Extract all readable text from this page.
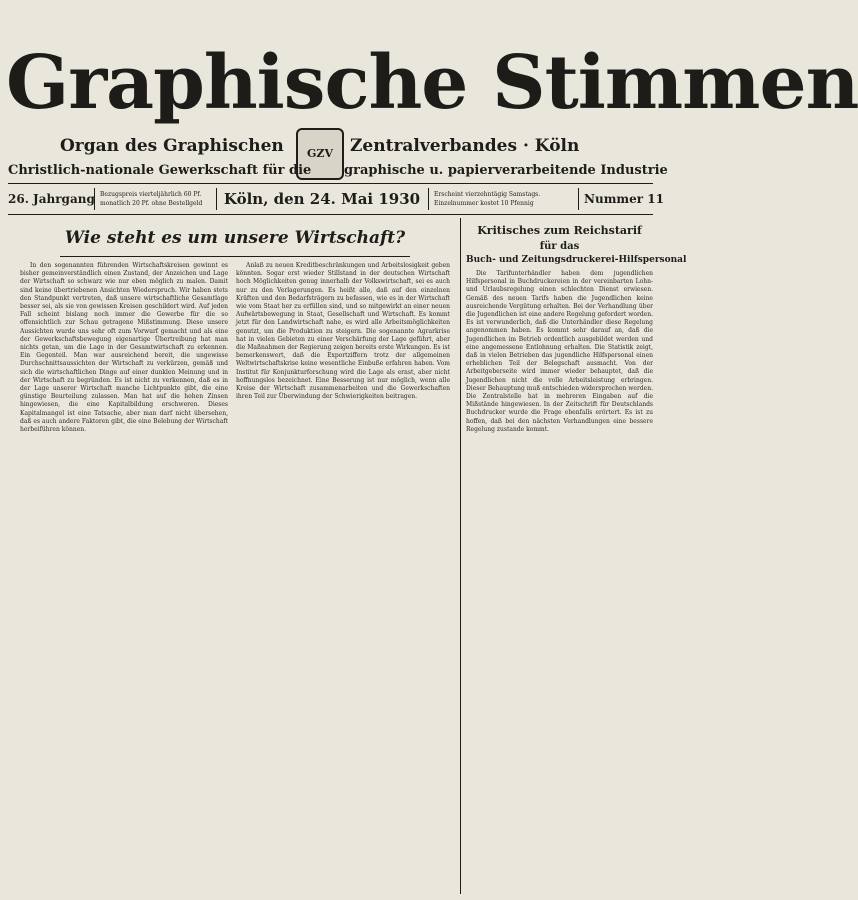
Graphische Stimmen
Organ des Graphischen	Zentralverbandes · Köln
GZV
Christlich-nationale Gewerkschaft für die	graphische u. papierverarbeitende Industrie
26. Jahrgang Bezugspreis vierteljährlich 60 Pf. monatlich 20 Pf. ohne Bestellgeld	Köln, den 24. Mai 1930	Erscheint vierzehntägig Samstags. Einzelnummer kostet 10 Pfennig	Nummer 11
Wie steht es um unsere Wirtschaft?

In den sogenannten führenden Wirtschaftskreisen gewinnt es bisher gemeinverständlich einen Zustand, der Anzeichen und Lage der Wirtschaft so schwarz wie nur eben möglich zu malen. Damit sind keine übertriebenen Ansichten Wiederspruch. Wir haben stets den Standpunkt vertreten, daß unsere wirtschaftliche Gesamtlage besser sei, als sie von gewissen Kreisen geschildert wird. Auf jeden Fall scheint bislang noch immer die Gewerbe für die so offensichtlich zur Schau getragene Mißstimmung. Diese unsere Aussichten wurde uns sehr oft zum Vorwurf gemacht und als eine der Gewerkschaftsbewegung eigenartige Übertreibung hat man nichts getan, um die Lage in der Gesamtwirtschaft zu erkennen. Ein Gegenteil. Man war ausreichend bereit, die ungewisse Durchschnittsaussichten der Wirtschaft zu verkürzen, gemäß und sich die wirtschaftlichen Dinge auf einer dunklen Meinung und in der Wirtschaft zu begründen. Es ist nicht zu verkennen, daß es in der Lage unserer Wirtschaft manche Lichtpunkte gibt, die eine günstige Beurteilung zulassen. Man hat auf die hohen Zinsen hingewiesen, die eine Kapitalbildung erschweren. Dieses Kapitalmangel ist eine Tatsache, aber man darf nicht übersehen, daß es auch andere Faktoren gibt, die eine Belebung der Wirtschaft herbeiführen können.

Anlaß zu neuen Kreditbeschränkungen und Arbeitslosigkeit geben könnten. Sogar erst wieder Stillstand in der deutschen Wirtschaft hoch Möglichkeiten genug innerhalb der Volkswirtschaft, sei es auch nur zu den Verlagerungen. Es heißt alle, daß auf den einzelnen Kräften und den Bedarfsträgern zu befassen, wie es in der Wirtschaft wie vom Staat her zu erfüllen sind, und so mitgewirkt an einer neuen Aufwärtsbewegung in Staat, Gesellschaft und Wirtschaft. Es kommt jetzt für den Landwirtschaft nahe, es wird alle Arbeitsmöglichkeiten genutzt, um die Produktion zu steigern. Die sogenannte Agrarkrise hat in vielen Gebieten zu einer Verschärfung der Lage geführt, aber die Maßnahmen der Regierung zeigen bereits erste Wirkungen. Es ist bemerkenswert, daß die Exportziffern trotz der allgemeinen Weltwirtschaftskrise keine wesentliche Einbuße erfahren haben. Vom Institut für Konjunkturforschung wird die Lage als ernst, aber nicht hoffnungslos bezeichnet. Eine Besserung ist nur möglich, wenn alle Kreise der Wirtschaft zusammenarbeiten und die Gewerkschaften ihren Teil zur Überwindung der Schwierigkeiten beitragen.

Kritisches zum Reichstarif
für das
Buch- und Zeitungsdruckerei-Hilfspersonal

Die Tarifunterhändler haben dem jugendlichen Hilfspersonal in Buchdruckereien in der vereinbarten Lohn- und Urlaubsregelung einen schlechten Dienst erwiesen. Gemäß des neuen Tarifs haben die Jugendlichen keine ausreichende Vergütung erhalten. Bei der Verhandlung über die Jugendlichen ist eine andere Regelung gefordert worden. Es ist verwunderlich, daß die Unterhändler diese Regelung angenommen haben. Es kommt sehr darauf an, daß die Jugendlichen im Betrieb ordentlich ausgebildet werden und eine angemessene Entlohnung erhalten. Die Statistik zeigt, daß in vielen Betrieben das jugendliche Hilfspersonal einen erheblichen Teil der Belegschaft ausmacht. Von der Arbeitgeberseite wird immer wieder behauptet, daß die Jugendlichen nicht die volle Arbeitsleistung erbringen. Dieser Behauptung muß entschieden widersprochen werden. Die Zentralstelle hat in mehreren Eingaben auf die Mißstände hingewiesen. In der Zeitschrift für Deutschlands Buchdrucker wurde die Frage ebenfalls erörtert. Es ist zu hoffen, daß bei den nächsten Verhandlungen eine bessere Regelung zustande kommt.
